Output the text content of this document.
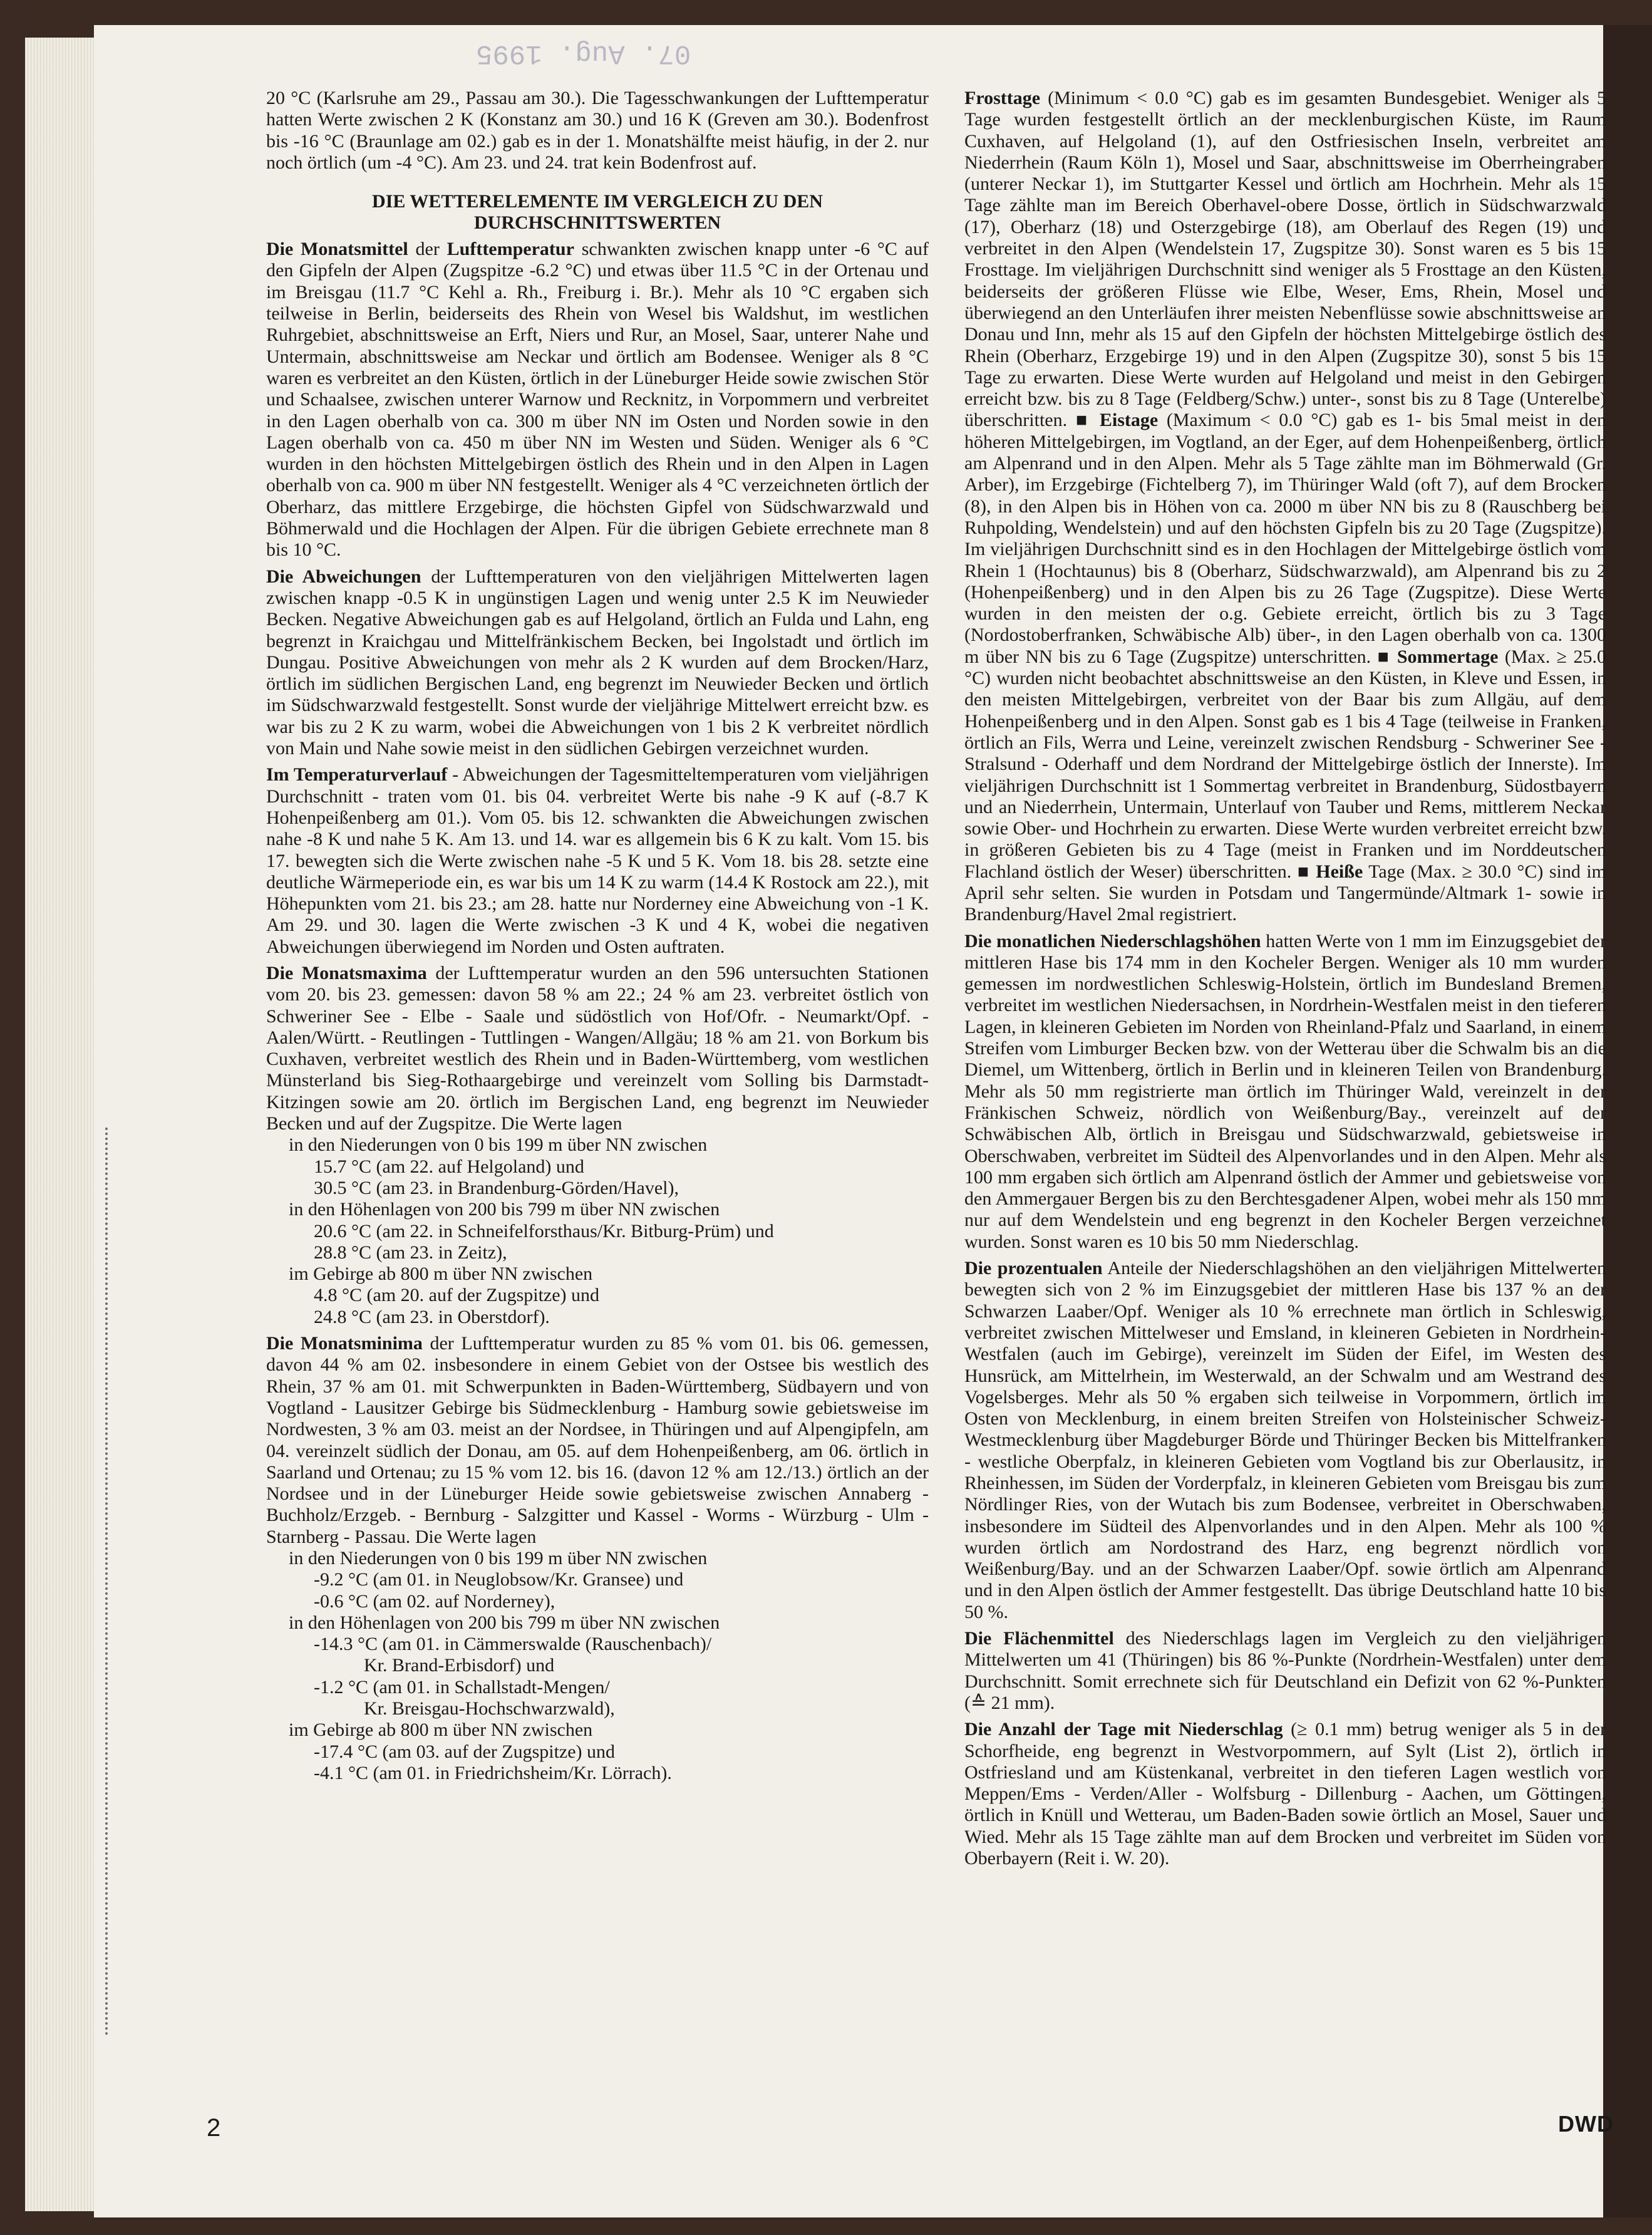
07. Aug. 1995

20 °C (Karlsruhe am 29., Passau am 30.). Die Tagesschwankungen der Lufttemperatur hatten Werte zwischen 2 K (Konstanz am 30.) und 16 K (Greven am 30.). Bodenfrost bis -16 °C (Braunlage am 02.) gab es in der 1. Monatshälfte meist häufig, in der 2. nur noch örtlich (um -4 °C). Am 23. und 24. trat kein Bodenfrost auf.

DIE WETTERELEMENTE IM VERGLEICH ZU DEN DURCHSCHNITTSWERTEN

Die Monatsmittel der Lufttemperatur schwankten zwischen knapp unter -6 °C auf den Gipfeln der Alpen (Zugspitze -6.2 °C) und etwas über 11.5 °C in der Ortenau und im Breisgau (11.7 °C Kehl a. Rh., Freiburg i. Br.). Mehr als 10 °C ergaben sich teilweise in Berlin, beiderseits des Rhein von Wesel bis Waldshut, im westlichen Ruhrgebiet, abschnittsweise an Erft, Niers und Rur, an Mosel, Saar, unterer Nahe und Untermain, abschnittsweise am Neckar und örtlich am Bodensee. Weniger als 8 °C waren es verbreitet an den Küsten, örtlich in der Lüneburger Heide sowie zwischen Stör und Schaalsee, zwischen unterer Warnow und Recknitz, in Vorpommern und verbreitet in den Lagen oberhalb von ca. 300 m über NN im Osten und Norden sowie in den Lagen oberhalb von ca. 450 m über NN im Westen und Süden. Weniger als 6 °C wurden in den höchsten Mittelgebirgen östlich des Rhein und in den Alpen in Lagen oberhalb von ca. 900 m über NN festgestellt. Weniger als 4 °C verzeichneten örtlich der Oberharz, das mittlere Erzgebirge, die höchsten Gipfel von Südschwarzwald und Böhmerwald und die Hochlagen der Alpen. Für die übrigen Gebiete errechnete man 8 bis 10 °C.

Die Abweichungen der Lufttemperaturen von den vieljährigen Mittelwerten lagen zwischen knapp -0.5 K in ungünstigen Lagen und wenig unter 2.5 K im Neuwieder Becken. Negative Abweichungen gab es auf Helgoland, örtlich an Fulda und Lahn, eng begrenzt in Kraichgau und Mittelfränkischem Becken, bei Ingolstadt und örtlich im Dungau. Positive Abweichungen von mehr als 2 K wurden auf dem Brocken/Harz, örtlich im südlichen Bergischen Land, eng begrenzt im Neuwieder Becken und örtlich im Südschwarzwald festgestellt. Sonst wurde der vieljährige Mittelwert erreicht bzw. es war bis zu 2 K zu warm, wobei die Abweichungen von 1 bis 2 K verbreitet nördlich von Main und Nahe sowie meist in den südlichen Gebirgen verzeichnet wurden.

Im Temperaturverlauf - Abweichungen der Tagesmitteltemperaturen vom vieljährigen Durchschnitt - traten vom 01. bis 04. verbreitet Werte bis nahe -9 K auf (-8.7 K Hohenpeißenberg am 01.). Vom 05. bis 12. schwankten die Abweichungen zwischen nahe -8 K und nahe 5 K. Am 13. und 14. war es allgemein bis 6 K zu kalt. Vom 15. bis 17. bewegten sich die Werte zwischen nahe -5 K und 5 K. Vom 18. bis 28. setzte eine deutliche Wärmeperiode ein, es war bis um 14 K zu warm (14.4 K Rostock am 22.), mit Höhepunkten vom 21. bis 23.; am 28. hatte nur Norderney eine Abweichung von -1 K. Am 29. und 30. lagen die Werte zwischen -3 K und 4 K, wobei die negativen Abweichungen überwiegend im Norden und Osten auftraten.

Die Monatsmaxima der Lufttemperatur wurden an den 596 untersuchten Stationen vom 20. bis 23. gemessen: davon 58 % am 22.; 24 % am 23. verbreitet östlich von Schweriner See - Elbe - Saale und südöstlich von Hof/Ofr. - Neumarkt/Opf. - Aalen/Württ. - Reutlingen - Tuttlingen - Wangen/Allgäu; 18 % am 21. von Borkum bis Cuxhaven, verbreitet westlich des Rhein und in Baden-Württemberg, vom westlichen Münsterland bis Sieg-Rothaargebirge und vereinzelt vom Solling bis Darmstadt-Kitzingen sowie am 20. örtlich im Bergischen Land, eng begrenzt im Neuwieder Becken und auf der Zugspitze. Die Werte lagen

in den Niederungen von 0 bis 199 m über NN zwischen
15.7 °C (am 22. auf Helgoland) und
30.5 °C (am 23. in Brandenburg-Görden/Havel),
in den Höhenlagen von 200 bis 799 m über NN zwischen
20.6 °C (am 22. in Schneifelforsthaus/Kr. Bitburg-Prüm) und
28.8 °C (am 23. in Zeitz),
im Gebirge ab 800 m über NN zwischen
4.8 °C (am 20. auf der Zugspitze) und
24.8 °C (am 23. in Oberstdorf).

Die Monatsminima der Lufttemperatur wurden zu 85 % vom 01. bis 06. gemessen, davon 44 % am 02. insbesondere in einem Gebiet von der Ostsee bis westlich des Rhein, 37 % am 01. mit Schwerpunkten in Baden-Württemberg, Südbayern und von Vogtland - Lausitzer Gebirge bis Südmecklenburg - Hamburg sowie gebietsweise im Nordwesten, 3 % am 03. meist an der Nordsee, in Thüringen und auf Alpengipfeln, am 04. vereinzelt südlich der Donau, am 05. auf dem Hohenpeißenberg, am 06. örtlich in Saarland und Ortenau; zu 15 % vom 12. bis 16. (davon 12 % am 12./13.) örtlich an der Nordsee und in der Lüneburger Heide sowie gebietsweise zwischen Annaberg - Buchholz/Erzgeb. - Bernburg - Salzgitter und Kassel - Worms - Würzburg - Ulm - Starnberg - Passau. Die Werte lagen

in den Niederungen von 0 bis 199 m über NN zwischen
-9.2 °C (am 01. in Neuglobsow/Kr. Gransee) und
-0.6 °C (am 02. auf Norderney),
in den Höhenlagen von 200 bis 799 m über NN zwischen
-14.3 °C (am 01. in Cämmerswalde (Rauschenbach)/
Kr. Brand-Erbisdorf) und
-1.2 °C (am 01. in Schallstadt-Mengen/
Kr. Breisgau-Hochschwarzwald),
im Gebirge ab 800 m über NN zwischen
-17.4 °C (am 03. auf der Zugspitze) und
-4.1 °C (am 01. in Friedrichsheim/Kr. Lörrach).

Frosttage (Minimum < 0.0 °C) gab es im gesamten Bundesgebiet. Weniger als 5 Tage wurden festgestellt örtlich an der mecklenburgischen Küste, im Raum Cuxhaven, auf Helgoland (1), auf den Ostfriesischen Inseln, verbreitet am Niederrhein (Raum Köln 1), Mosel und Saar, abschnittsweise im Oberrheingraben (unterer Neckar 1), im Stuttgarter Kessel und örtlich am Hochrhein. Mehr als 15 Tage zählte man im Bereich Oberhavel-obere Dosse, örtlich in Südschwarzwald (17), Oberharz (18) und Osterzgebirge (18), am Oberlauf des Regen (19) und verbreitet in den Alpen (Wendelstein 17, Zugspitze 30). Sonst waren es 5 bis 15 Frosttage. Im vieljährigen Durchschnitt sind weniger als 5 Frosttage an den Küsten, beiderseits der größeren Flüsse wie Elbe, Weser, Ems, Rhein, Mosel und überwiegend an den Unterläufen ihrer meisten Nebenflüsse sowie abschnittsweise an Donau und Inn, mehr als 15 auf den Gipfeln der höchsten Mittelgebirge östlich des Rhein (Oberharz, Erzgebirge 19) und in den Alpen (Zugspitze 30), sonst 5 bis 15 Tage zu erwarten. Diese Werte wurden auf Helgoland und meist in den Gebirgen erreicht bzw. bis zu 8 Tage (Feldberg/Schw.) unter-, sonst bis zu 8 Tage (Unterelbe) überschritten. ■ Eistage (Maximum < 0.0 °C) gab es 1- bis 5mal meist in den höheren Mittelgebirgen, im Vogtland, an der Eger, auf dem Hohenpeißenberg, örtlich am Alpenrand und in den Alpen. Mehr als 5 Tage zählte man im Böhmerwald (Gr. Arber), im Erzgebirge (Fichtelberg 7), im Thüringer Wald (oft 7), auf dem Brocken (8), in den Alpen bis in Höhen von ca. 2000 m über NN bis zu 8 (Rauschberg bei Ruhpolding, Wendelstein) und auf den höchsten Gipfeln bis zu 20 Tage (Zugspitze). Im vieljährigen Durchschnitt sind es in den Hochlagen der Mittelgebirge östlich vom Rhein 1 (Hochtaunus) bis 8 (Oberharz, Südschwarzwald), am Alpenrand bis zu 2 (Hohenpeißenberg) und in den Alpen bis zu 26 Tage (Zugspitze). Diese Werte wurden in den meisten der o.g. Gebiete erreicht, örtlich bis zu 3 Tage (Nordostoberfranken, Schwäbische Alb) über-, in den Lagen oberhalb von ca. 1300 m über NN bis zu 6 Tage (Zugspitze) unterschritten. ■ Sommertage (Max. ≥ 25.0 °C) wurden nicht beobachtet abschnittsweise an den Küsten, in Kleve und Essen, in den meisten Mittelgebirgen, verbreitet von der Baar bis zum Allgäu, auf dem Hohenpeißenberg und in den Alpen. Sonst gab es 1 bis 4 Tage (teilweise in Franken, örtlich an Fils, Werra und Leine, vereinzelt zwischen Rendsburg - Schweriner See - Stralsund - Oderhaff und dem Nordrand der Mittelgebirge östlich der Innerste). Im vieljährigen Durchschnitt ist 1 Sommertag verbreitet in Brandenburg, Südostbayern und an Niederrhein, Untermain, Unterlauf von Tauber und Rems, mittlerem Neckar sowie Ober- und Hochrhein zu erwarten. Diese Werte wurden verbreitet erreicht bzw. in größeren Gebieten bis zu 4 Tage (meist in Franken und im Norddeutschen Flachland östlich der Weser) überschritten. ■ Heiße Tage (Max. ≥ 30.0 °C) sind im April sehr selten. Sie wurden in Potsdam und Tangermünde/Altmark 1- sowie in Brandenburg/Havel 2mal registriert.

Die monatlichen Niederschlagshöhen hatten Werte von 1 mm im Einzugsgebiet der mittleren Hase bis 174 mm in den Kocheler Bergen. Weniger als 10 mm wurden gemessen im nordwestlichen Schleswig-Holstein, örtlich im Bundesland Bremen, verbreitet im westlichen Niedersachsen, in Nordrhein-Westfalen meist in den tieferen Lagen, in kleineren Gebieten im Norden von Rheinland-Pfalz und Saarland, in einem Streifen vom Limburger Becken bzw. von der Wetterau über die Schwalm bis an die Diemel, um Wittenberg, örtlich in Berlin und in kleineren Teilen von Brandenburg. Mehr als 50 mm registrierte man örtlich im Thüringer Wald, vereinzelt in der Fränkischen Schweiz, nördlich von Weißenburg/Bay., vereinzelt auf der Schwäbischen Alb, örtlich in Breisgau und Südschwarzwald, gebietsweise in Oberschwaben, verbreitet im Südteil des Alpenvorlandes und in den Alpen. Mehr als 100 mm ergaben sich örtlich am Alpenrand östlich der Ammer und gebietsweise von den Ammergauer Bergen bis zu den Berchtesgadener Alpen, wobei mehr als 150 mm nur auf dem Wendelstein und eng begrenzt in den Kocheler Bergen verzeichnet wurden. Sonst waren es 10 bis 50 mm Niederschlag.

Die prozentualen Anteile der Niederschlagshöhen an den vieljährigen Mittelwerten bewegten sich von 2 % im Einzugsgebiet der mittleren Hase bis 137 % an der Schwarzen Laaber/Opf. Weniger als 10 % errechnete man örtlich in Schleswig, verbreitet zwischen Mittelweser und Emsland, in kleineren Gebieten in Nordrhein-Westfalen (auch im Gebirge), vereinzelt im Süden der Eifel, im Westen des Hunsrück, am Mittelrhein, im Westerwald, an der Schwalm und am Westrand des Vogelsberges. Mehr als 50 % ergaben sich teilweise in Vorpommern, örtlich im Osten von Mecklenburg, in einem breiten Streifen von Holsteinischer Schweiz-Westmecklenburg über Magdeburger Börde und Thüringer Becken bis Mittelfranken - westliche Oberpfalz, in kleineren Gebieten vom Vogtland bis zur Oberlausitz, in Rheinhessen, im Süden der Vorderpfalz, in kleineren Gebieten vom Breisgau bis zum Nördlinger Ries, von der Wutach bis zum Bodensee, verbreitet in Oberschwaben, insbesondere im Südteil des Alpenvorlandes und in den Alpen. Mehr als 100 % wurden örtlich am Nordostrand des Harz, eng begrenzt nördlich von Weißenburg/Bay. und an der Schwarzen Laaber/Opf. sowie örtlich am Alpenrand und in den Alpen östlich der Ammer festgestellt. Das übrige Deutschland hatte 10 bis 50 %.

Die Flächenmittel des Niederschlags lagen im Vergleich zu den vieljährigen Mittelwerten um 41 (Thüringen) bis 86 %-Punkte (Nordrhein-Westfalen) unter dem Durchschnitt. Somit errechnete sich für Deutschland ein Defizit von 62 %-Punkten (≙ 21 mm).

Die Anzahl der Tage mit Niederschlag (≥ 0.1 mm) betrug weniger als 5 in der Schorfheide, eng begrenzt in Westvorpommern, auf Sylt (List 2), örtlich in Ostfriesland und am Küstenkanal, verbreitet in den tieferen Lagen westlich von Meppen/Ems - Verden/Aller - Wolfsburg - Dillenburg - Aachen, um Göttingen, örtlich in Knüll und Wetterau, um Baden-Baden sowie örtlich an Mosel, Sauer und Wied. Mehr als 15 Tage zählte man auf dem Brocken und verbreitet im Süden von Oberbayern (Reit i. W. 20).

2	DWD
